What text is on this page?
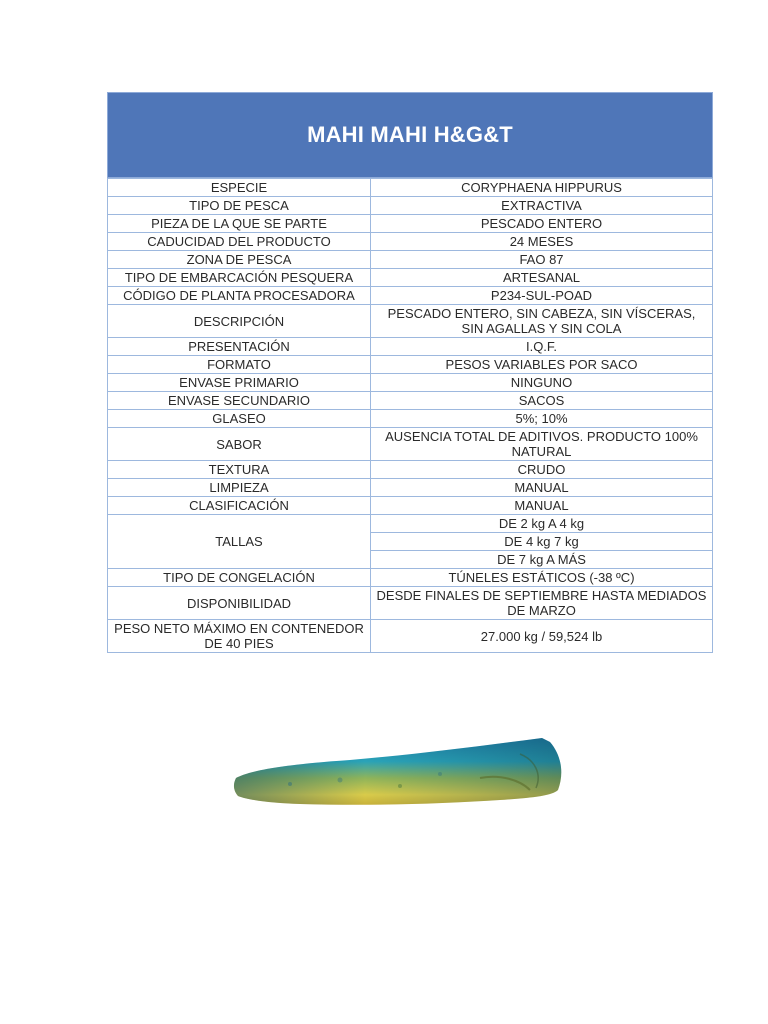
MAHI MAHI H&G&T
ESPECIE	CORYPHAENA HIPPURUS
TIPO DE PESCA	EXTRACTIVA
PIEZA DE LA QUE SE PARTE	PESCADO ENTERO
CADUCIDAD DEL PRODUCTO	24 MESES
ZONA DE PESCA	FAO 87
TIPO DE EMBARCACIÓN PESQUERA	ARTESANAL
CÓDIGO DE PLANTA PROCESADORA	P234-SUL-POAD
DESCRIPCIÓN	PESCADO ENTERO, SIN CABEZA, SIN VÍSCERAS, SIN AGALLAS Y SIN COLA
PRESENTACIÓN	I.Q.F.
FORMATO	PESOS VARIABLES POR SACO
ENVASE PRIMARIO	NINGUNO
ENVASE SECUNDARIO	SACOS
GLASEO	5%; 10%
SABOR	AUSENCIA TOTAL DE ADITIVOS. PRODUCTO 100% NATURAL
TEXTURA	CRUDO
LIMPIEZA	MANUAL
CLASIFICACIÓN	MANUAL
TALLAS	DE 2 kg A 4 kg
	DE 4 kg 7 kg
	DE 7 kg A MÁS
TIPO DE CONGELACIÓN	TÚNELES ESTÁTICOS (-38 ºC)
DISPONIBILIDAD	DESDE FINALES DE SEPTIEMBRE HASTA MEDIADOS DE MARZO
PESO NETO MÁXIMO EN CONTENEDOR DE 40 PIES	27.000 kg / 59,524 lb
